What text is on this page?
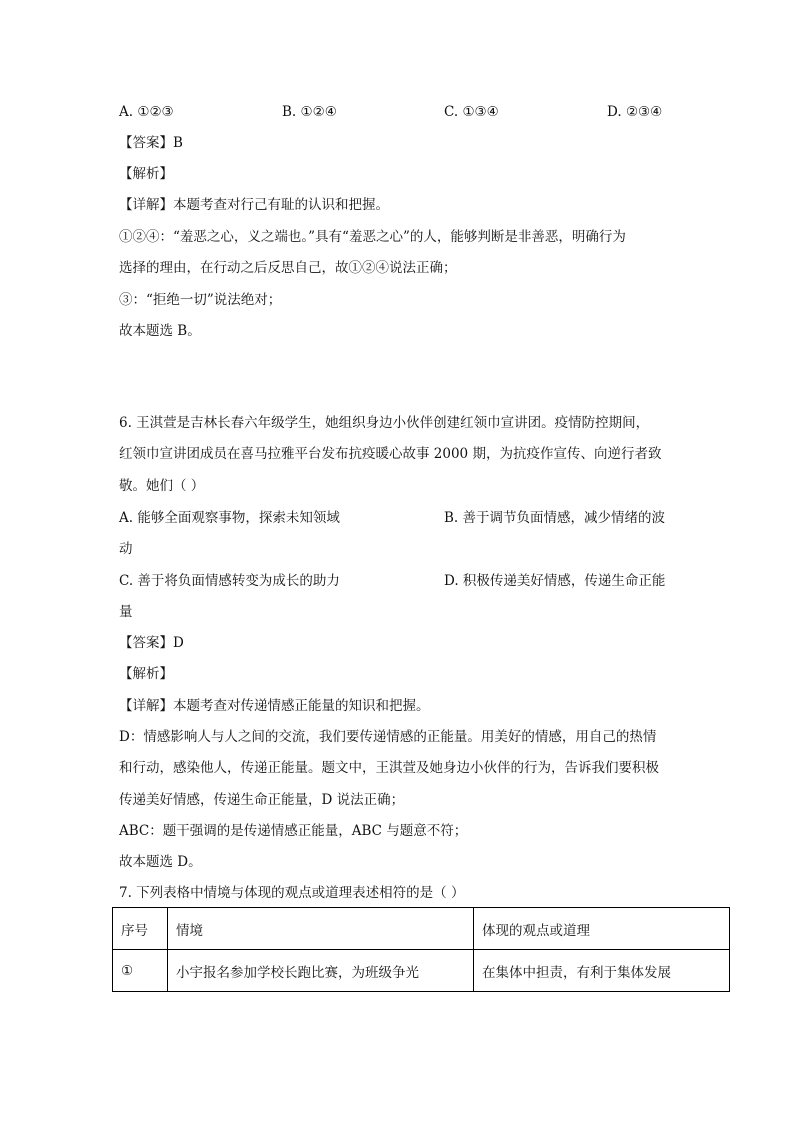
A. ①②③	B. ①②④	C. ①③④	D. ②③④
【答案】B
【解析】
【详解】本题考查对行己有耻的认识和把握。
①②④：“羞恶之心，义之端也。”具有“羞恶之心”的人，能够判断是非善恶，明确行为
选择的理由，在行动之后反思自己，故①②④说法正确；
③：“拒绝一切”说法绝对；
故本题选 B。
6. 王淇萱是吉林长春六年级学生，她组织身边小伙伴创建红领巾宣讲团。疫情防控期间，
红领巾宣讲团成员在喜马拉雅平台发布抗疫暖心故事 2000 期，为抗疫作宣传、向逆行者致
敬。她们（ ）
A. 能够全面观察事物，探索未知领域	B. 善于调节负面情感，减少情绪的波
动
C. 善于将负面情感转变为成长的助力	D. 积极传递美好情感，传递生命正能
量
【答案】D
【解析】
【详解】本题考查对传递情感正能量的知识和把握。
D：情感影响人与人之间的交流，我们要传递情感的正能量。用美好的情感，用自己的热情
和行动，感染他人，传递正能量。题文中，王淇萱及她身边小伙伴的行为，告诉我们要积极
传递美好情感，传递生命正能量，D 说法正确；
ABC：题干强调的是传递情感正能量，ABC 与题意不符；
故本题选 D。
7. 下列表格中情境与体现的观点或道理表述相符的是（ ）
序号	情境	体现的观点或道理
①	小宇报名参加学校长跑比赛，为班级争光	在集体中担责，有利于集体发展
